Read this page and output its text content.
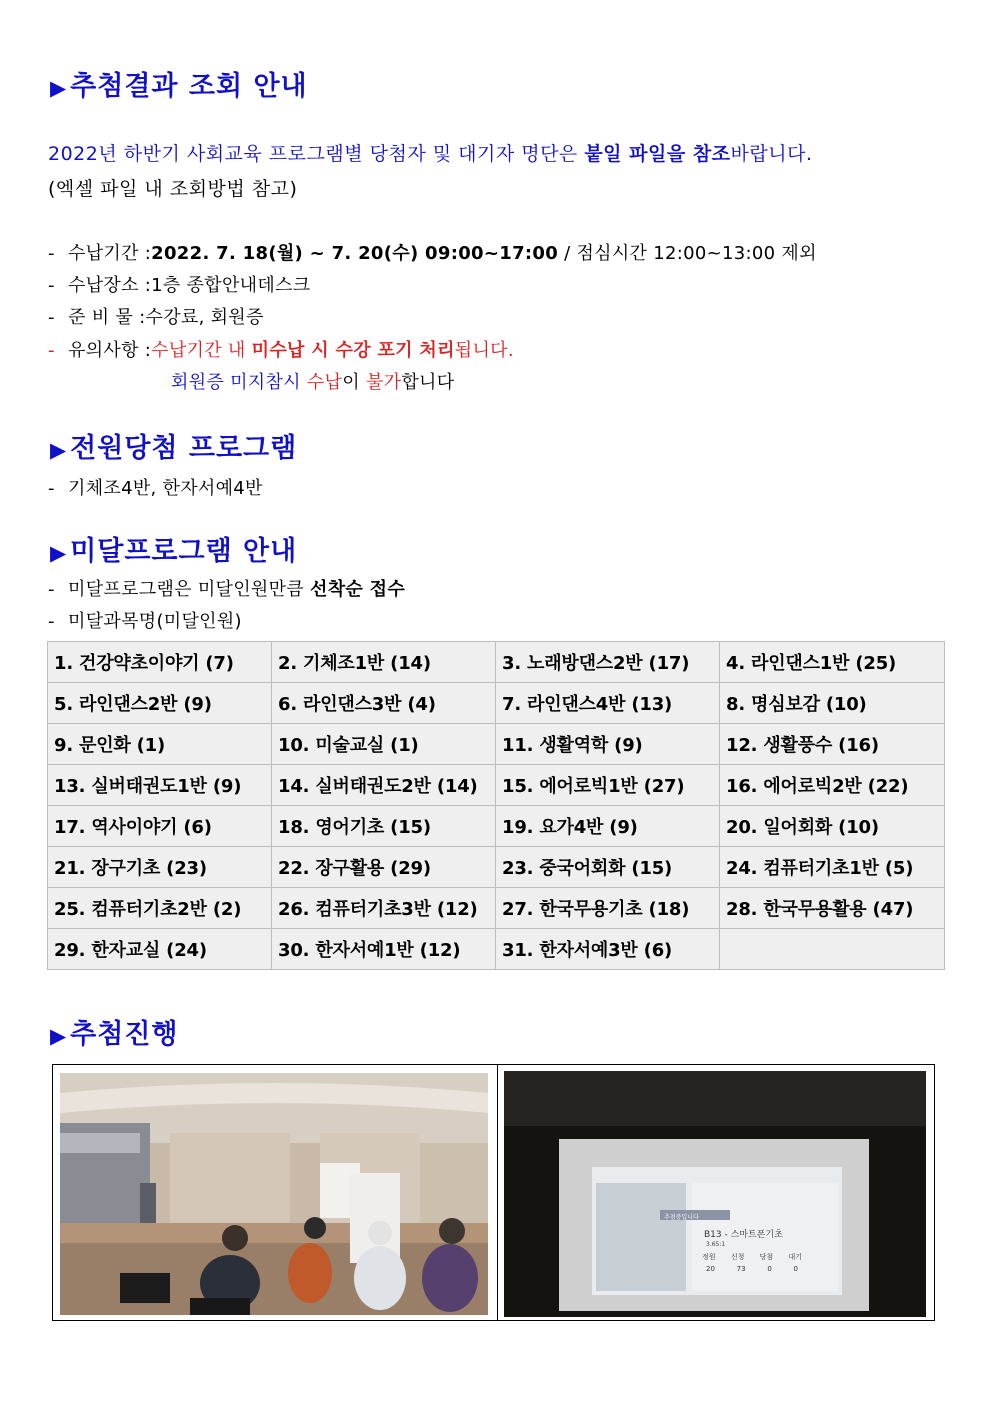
▶ 추첨결과 조회 안내
2022년 하반기 사회교육 프로그램별 당첨자 및 대기자 명단은 붙일 파일을 참조바랍니다.
(엑셀 파일 내 조회방법 참고)
- 수납기간 :2022. 7. 18(월) ~ 7. 20(수) 09:00~17:00 / 점심시간 12:00~13:00 제외
- 수납장소 :1층 종합안내데스크
- 준 비 물 :수강료, 회원증
- 유의사항 :수납기간 내 미수납 시 수강 포기 처리됩니다.
회원증 미지참시 수납이 불가합니다
▶ 전원당첨 프로그램
- 기체조4반, 한자서예4반
▶ 미달프로그램 안내
- 미달프로그램은 미달인원만큼 선착순 접수
- 미달과목명(미달인원)
1. 건강약초이야기 (7)	2. 기체조1반 (14)	3. 노래방댄스2반 (17)	4. 라인댄스1반 (25)
5. 라인댄스2반 (9)	6. 라인댄스3반 (4)	7. 라인댄스4반 (13)	8. 명심보감 (10)
9. 문인화 (1)	10. 미술교실 (1)	11. 생활역학 (9)	12. 생활풍수 (16)
13. 실버태권도1반 (9)	14. 실버태권도2반 (14)	15. 에어로빅1반 (27)	16. 에어로빅2반 (22)
17. 역사이야기 (6)	18. 영어기초 (15)	19. 요가4반 (9)	20. 일어회화 (10)
21. 장구기초 (23)	22. 장구활용 (29)	23. 중국어회화 (15)	24. 컴퓨터기초1반 (5)
25. 컴퓨터기초2반 (2)	26. 컴퓨터기초3반 (12)	27. 한국무용기초 (18)	28. 한국무용활용 (47)
29. 한자교실 (24)	30. 한자서예1반 (12)	31. 한자서예3반 (6)	
▶ 추첨진행
추첨중입니다
B13 - 스마트폰기초
3.65:1
정원 신청 당첨 대기
20	73	0	0
